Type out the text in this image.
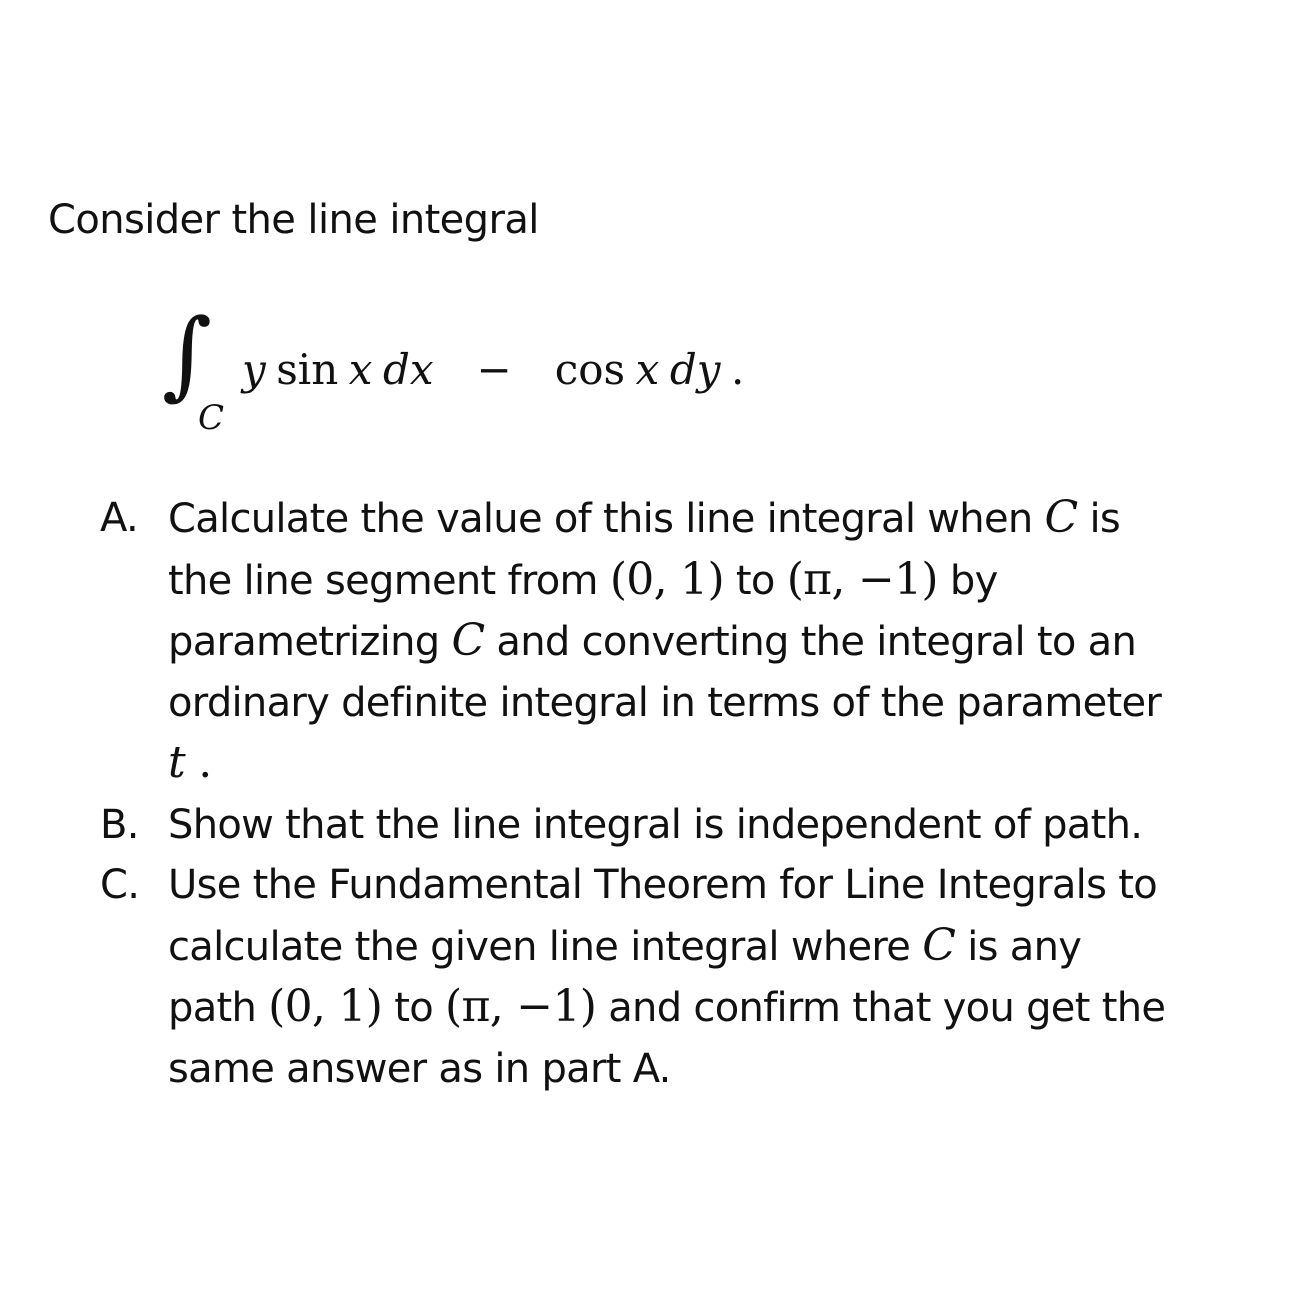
Consider the line integral
∫
C
y sin x dx − cos x dy .
A. Calculate the value of this line integral when C is
the line segment from (0, 1) to (π, −1) by
parametrizing C and converting the integral to an
ordinary definite integral in terms of the parameter
t .
B. Show that the line integral is independent of path.
C. Use the Fundamental Theorem for Line Integrals to
calculate the given line integral where C is any
path (0, 1) to (π, −1) and confirm that you get the
same answer as in part A.
